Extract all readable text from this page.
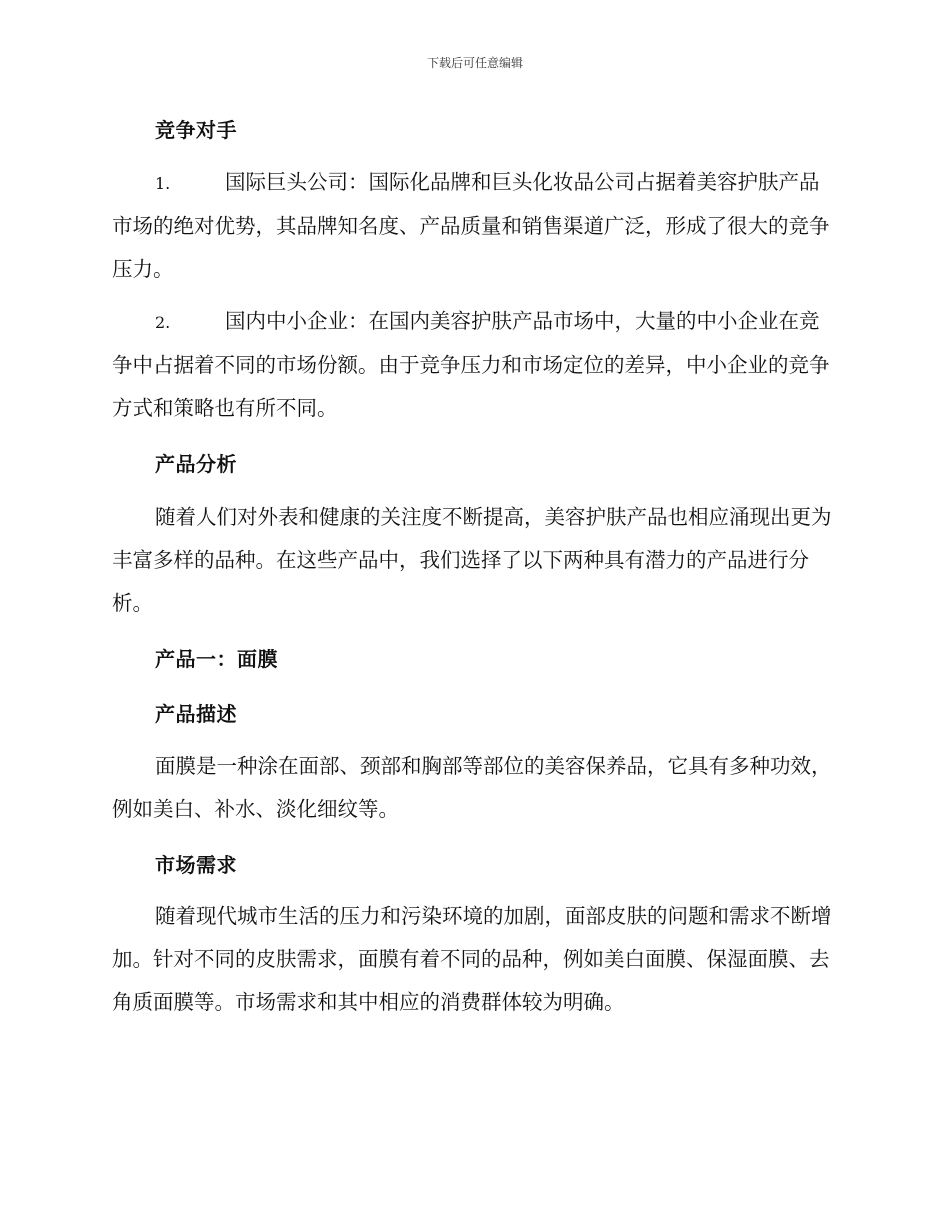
下载后可任意编辑
竞争对手

1.	国际巨头公司：国际化品牌和巨头化妆品公司占据着美容护肤产品市场的绝对优势，其品牌知名度、产品质量和销售渠道广泛，形成了很大的竞争压力。

2.	国内中小企业：在国内美容护肤产品市场中，大量的中小企业在竞争中占据着不同的市场份额。由于竞争压力和市场定位的差异，中小企业的竞争方式和策略也有所不同。

产品分析

随着人们对外表和健康的关注度不断提高，美容护肤产品也相应涌现出更为丰富多样的品种。在这些产品中，我们选择了以下两种具有潜力的产品进行分析。

产品一：面膜
产品描述

面膜是一种涂在面部、颈部和胸部等部位的美容保养品，它具有多种功效，例如美白、补水、淡化细纹等。

市场需求

随着现代城市生活的压力和污染环境的加剧，面部皮肤的问题和需求不断增加。针对不同的皮肤需求，面膜有着不同的品种，例如美白面膜、保湿面膜、去角质面膜等。市场需求和其中相应的消费群体较为明确。
